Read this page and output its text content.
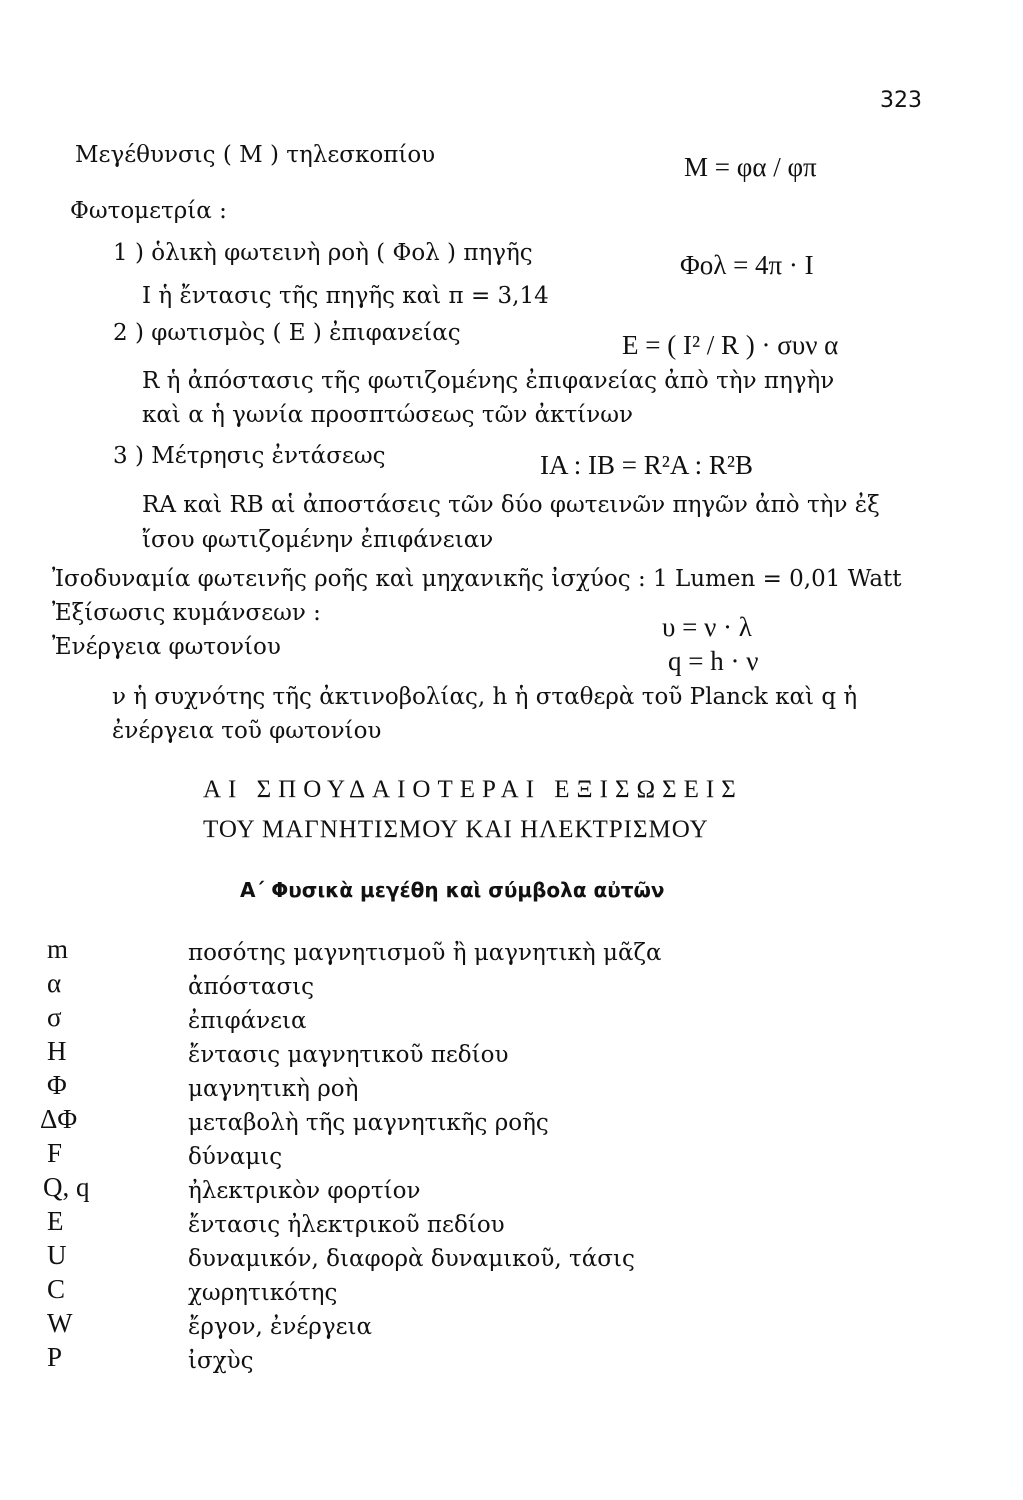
323
Μεγέθυνσις ( Μ ) τηλεσκοπίου	M = φα / φπ
Φωτομετρία :
1 ) ὁλικὴ φωτεινὴ ροὴ ( Φολ ) πηγῆς	Φολ = 4π · I
I ἡ ἔντασις τῆς πηγῆς καὶ π = 3,14
2 ) φωτισμὸς ( E ) ἐπιφανείας	E = ( I² / R ) · συν α
R ἡ ἀπόστασις τῆς φωτιζομένης ἐπιφανείας ἀπὸ τὴν πηγὴν
καὶ α ἡ γωνία προσπτώσεως τῶν ἀκτίνων
3 ) Μέτρησις ἐντάσεως	IA : IB = R²A : R²B
RA καὶ RB αἱ ἀποστάσεις τῶν δύο φωτεινῶν πηγῶν ἀπὸ τὴν ἐξ
ἴσου φωτιζομένην ἐπιφάνειαν
Ἰσοδυναμία φωτεινῆς ροῆς καὶ μηχανικῆς ἰσχύος : 1 Lumen = 0,01 Watt
Ἐξίσωσις κυμάνσεων :	υ = ν · λ
Ἐνέργεια φωτονίου	q = h · ν
ν ἡ συχνότης τῆς ἀκτινοβολίας, h ἡ σταθερὰ τοῦ Planck καὶ q ἡ
ἐνέργεια τοῦ φωτονίου
ΑΙ ΣΠΟΥΔΑΙΟΤΕΡΑΙ ΕΞΙΣΩΣΕΙΣ
ΤΟΥ ΜΑΓΝΗΤΙΣΜΟΥ ΚΑΙ ΗΛΕΚΤΡΙΣΜΟΥ
Α΄ Φυσικὰ μεγέθη καὶ σύμβολα αὐτῶν
m	ποσότης μαγνητισμοῦ ἢ μαγνητικὴ μᾶζα
α	ἀπόστασις
σ	ἐπιφάνεια
H	ἔντασις μαγνητικοῦ πεδίου
Φ	μαγνητικὴ ροὴ
ΔΦ	μεταβολὴ τῆς μαγνητικῆς ροῆς
F	δύναμις
Q, q	ἠλεκτρικὸν φορτίον
E	ἔντασις ἠλεκτρικοῦ πεδίου
U	δυναμικόν, διαφορὰ δυναμικοῦ, τάσις
C	χωρητικότης
W	ἔργον, ἐνέργεια
P	ἰσχὺς
